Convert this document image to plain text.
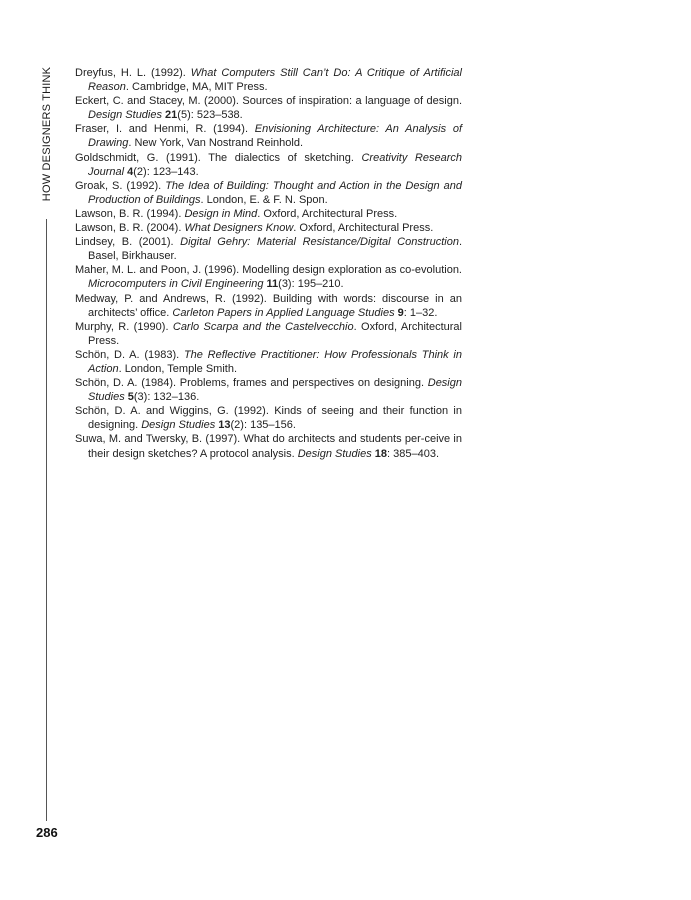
HOW DESIGNERS THINK
286
Dreyfus, H. L. (1992). What Computers Still Can’t Do: A Critique of Artificial Reason. Cambridge, MA, MIT Press.
Eckert, C. and Stacey, M. (2000). Sources of inspiration: a language of design. Design Studies 21(5): 523–538.
Fraser, I. and Henmi, R. (1994). Envisioning Architecture: An Analysis of Drawing. New York, Van Nostrand Reinhold.
Goldschmidt, G. (1991). The dialectics of sketching. Creativity Research Journal 4(2): 123–143.
Groak, S. (1992). The Idea of Building: Thought and Action in the Design and Production of Buildings. London, E. & F. N. Spon.
Lawson, B. R. (1994). Design in Mind. Oxford, Architectural Press.
Lawson, B. R. (2004). What Designers Know. Oxford, Architectural Press.
Lindsey, B. (2001). Digital Gehry: Material Resistance/Digital Construction. Basel, Birkhauser.
Maher, M. L. and Poon, J. (1996). Modelling design exploration as co-evolution. Microcomputers in Civil Engineering 11(3): 195–210.
Medway, P. and Andrews, R. (1992). Building with words: discourse in an architects’ office. Carleton Papers in Applied Language Studies 9: 1–32.
Murphy, R. (1990). Carlo Scarpa and the Castelvecchio. Oxford, Architectural Press.
Schön, D. A. (1983). The Reflective Practitioner: How Professionals Think in Action. London, Temple Smith.
Schön, D. A. (1984). Problems, frames and perspectives on designing. Design Studies 5(3): 132–136.
Schön, D. A. and Wiggins, G. (1992). Kinds of seeing and their function in designing. Design Studies 13(2): 135–156.
Suwa, M. and Twersky, B. (1997). What do architects and students per-ceive in their design sketches? A protocol analysis. Design Studies 18: 385–403.
